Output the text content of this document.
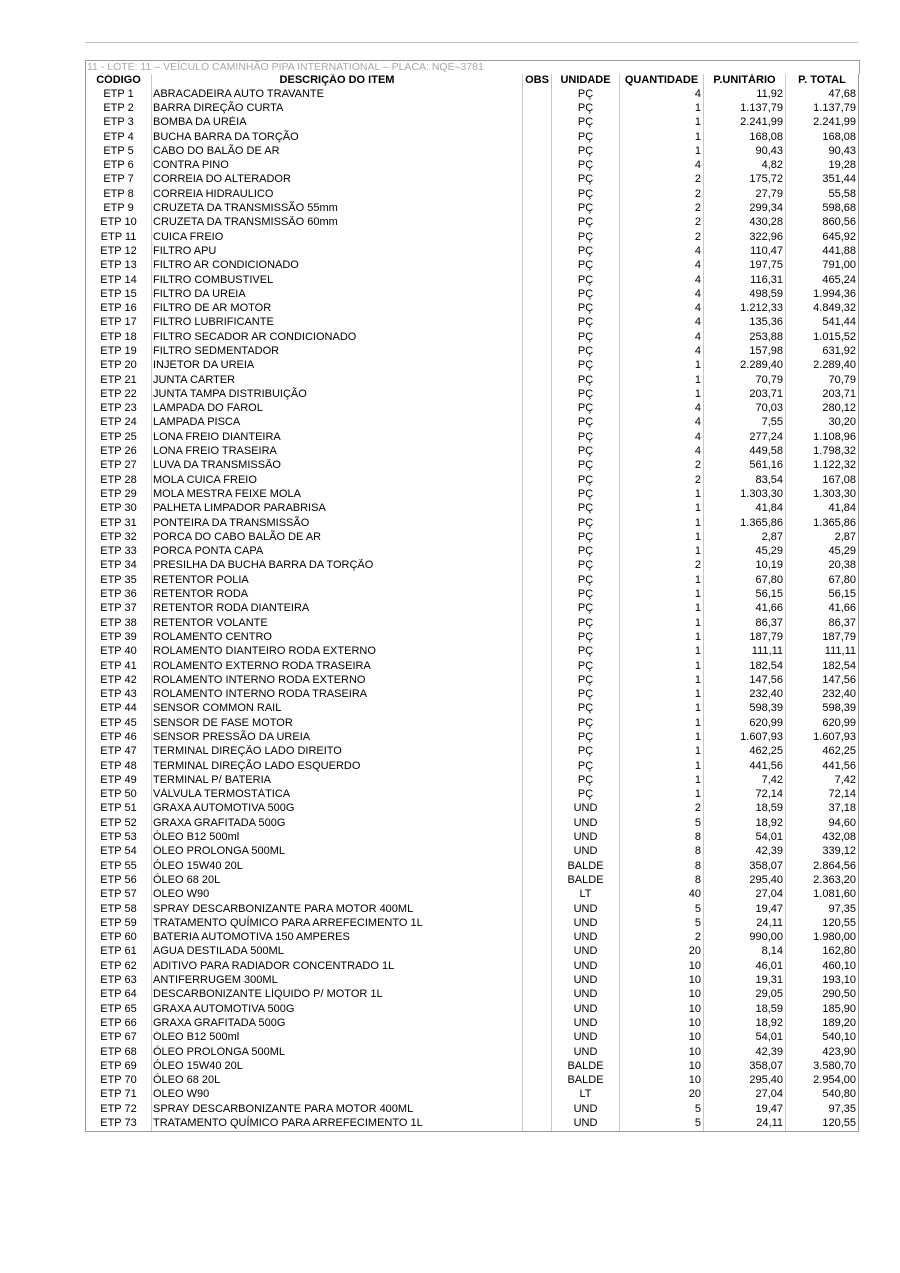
11 - LOTE: 11 – VEÍCULO CAMINHÃO PIPA INTERNATIONAL – PLACA: NQE–3781
CÓDIGO	DESCRIÇÃO DO ITEM	OBS	UNIDADE	QUANTIDADE	P.UNITÁRIO	P. TOTAL
ETP 1	ABRACADEIRA AUTO TRAVANTE		PÇ	4	11,92	47,68
ETP 2	BARRA DIREÇÃO CURTA		PÇ	1	1.137,79	1.137,79
ETP 3	BOMBA DA URÉIA		PÇ	1	2.241,99	2.241,99
ETP 4	BUCHA BARRA DA TORÇÃO		PÇ	1	168,08	168,08
ETP 5	CABO DO BALÃO DE AR		PÇ	1	90,43	90,43
ETP 6	CONTRA PINO		PÇ	4	4,82	19,28
ETP 7	CORREIA DO ALTERADOR		PÇ	2	175,72	351,44
ETP 8	CORREIA HIDRAULICO		PÇ	2	27,79	55,58
ETP 9	CRUZETA DA TRANSMISSÃO 55mm		PÇ	2	299,34	598,68
ETP 10	CRUZETA DA TRANSMISSÃO 60mm		PÇ	2	430,28	860,56
ETP 11	CUICA FREIO		PÇ	2	322,96	645,92
ETP 12	FILTRO APU		PÇ	4	110,47	441,88
ETP 13	FILTRO AR CONDICIONADO		PÇ	4	197,75	791,00
ETP 14	FILTRO COMBUSTIVEL		PÇ	4	116,31	465,24
ETP 15	FILTRO DA UREIA		PÇ	4	498,59	1.994,36
ETP 16	FILTRO DE AR MOTOR		PÇ	4	1.212,33	4.849,32
ETP 17	FILTRO LUBRIFICANTE		PÇ	4	135,36	541,44
ETP 18	FILTRO SECADOR AR CONDICIONADO		PÇ	4	253,88	1.015,52
ETP 19	FILTRO SEDMENTADOR		PÇ	4	157,98	631,92
ETP 20	INJETOR DA UREIA		PÇ	1	2.289,40	2.289,40
ETP 21	JUNTA CARTER		PÇ	1	70,79	70,79
ETP 22	JUNTA TAMPA DISTRIBUIÇÃO		PÇ	1	203,71	203,71
ETP 23	LAMPADA DO FAROL		PÇ	4	70,03	280,12
ETP 24	LAMPADA PISCA		PÇ	4	7,55	30,20
ETP 25	LONA FREIO DIANTEIRA		PÇ	4	277,24	1.108,96
ETP 26	LONA FREIO TRASEIRA		PÇ	4	449,58	1.798,32
ETP 27	LUVA DA TRANSMISSÃO		PÇ	2	561,16	1.122,32
ETP 28	MOLA CUICA FREIO		PÇ	2	83,54	167,08
ETP 29	MOLA MESTRA FEIXE MOLA		PÇ	1	1.303,30	1.303,30
ETP 30	PALHETA LIMPADOR PARABRISA		PÇ	1	41,84	41,84
ETP 31	PONTEIRA DA TRANSMISSÃO		PÇ	1	1.365,86	1.365,86
ETP 32	PORCA DO CABO BALÃO DE AR		PÇ	1	2,87	2,87
ETP 33	PORCA PONTA CAPA		PÇ	1	45,29	45,29
ETP 34	PRESILHA DA BUCHA BARRA DA TORÇÃO		PÇ	2	10,19	20,38
ETP 35	RETENTOR POLIA		PÇ	1	67,80	67,80
ETP 36	RETENTOR RODA		PÇ	1	56,15	56,15
ETP 37	RETENTOR RODA DIANTEIRA		PÇ	1	41,66	41,66
ETP 38	RETENTOR VOLANTE		PÇ	1	86,37	86,37
ETP 39	ROLAMENTO CENTRO		PÇ	1	187,79	187,79
ETP 40	ROLAMENTO DIANTEIRO RODA EXTERNO		PÇ	1	111,11	111,11
ETP 41	ROLAMENTO EXTERNO RODA TRASEIRA		PÇ	1	182,54	182,54
ETP 42	ROLAMENTO INTERNO RODA EXTERNO		PÇ	1	147,56	147,56
ETP 43	ROLAMENTO INTERNO RODA TRASEIRA		PÇ	1	232,40	232,40
ETP 44	SENSOR COMMON RAIL		PÇ	1	598,39	598,39
ETP 45	SENSOR DE FASE MOTOR		PÇ	1	620,99	620,99
ETP 46	SENSOR PRESSÃO DA UREIA		PÇ	1	1.607,93	1.607,93
ETP 47	TERMINAL DIREÇÃO LADO DIREITO		PÇ	1	462,25	462,25
ETP 48	TERMINAL DIREÇÃO LADO ESQUERDO		PÇ	1	441,56	441,56
ETP 49	TERMINAL P/ BATERIA		PÇ	1	7,42	7,42
ETP 50	VÁLVULA TERMOSTÁTICA		PÇ	1	72,14	72,14
ETP 51	GRAXA AUTOMOTIVA 500G		UND	2	18,59	37,18
ETP 52	GRAXA GRAFITADA 500G		UND	5	18,92	94,60
ETP 53	ÓLEO B12 500ml		UND	8	54,01	432,08
ETP 54	ÓLEO PROLONGA 500ML		UND	8	42,39	339,12
ETP 55	ÓLEO 15W40 20L		BALDE	8	358,07	2.864,56
ETP 56	ÓLEO 68 20L		BALDE	8	295,40	2.363,20
ETP 57	OLEO W90		LT	40	27,04	1.081,60
ETP 58	SPRAY DESCARBONIZANTE PARA MOTOR 400ML		UND	5	19,47	97,35
ETP 59	TRATAMENTO QUÍMICO PARA ARREFECIMENTO 1L		UND	5	24,11	120,55
ETP 60	BATERIA AUTOMOTIVA 150 AMPERES		UND	2	990,00	1.980,00
ETP 61	AGUA DESTILADA 500ML		UND	20	8,14	162,80
ETP 62	ADITIVO PARA RADIADOR CONCENTRADO 1L		UND	10	46,01	460,10
ETP 63	ANTIFERRUGEM 300ML		UND	10	19,31	193,10
ETP 64	DESCARBONIZANTE LÍQUIDO P/ MOTOR 1L		UND	10	29,05	290,50
ETP 65	GRAXA AUTOMOTIVA 500G		UND	10	18,59	185,90
ETP 66	GRAXA GRAFITADA 500G		UND	10	18,92	189,20
ETP 67	ÓLEO B12 500ml		UND	10	54,01	540,10
ETP 68	ÓLEO PROLONGA 500ML		UND	10	42,39	423,90
ETP 69	ÓLEO 15W40 20L		BALDE	10	358,07	3.580,70
ETP 70	ÓLEO 68 20L		BALDE	10	295,40	2.954,00
ETP 71	OLEO W90		LT	20	27,04	540,80
ETP 72	SPRAY DESCARBONIZANTE PARA MOTOR 400ML		UND	5	19,47	97,35
ETP 73	TRATAMENTO QUÍMICO PARA ARREFECIMENTO 1L		UND	5	24,11	120,55
